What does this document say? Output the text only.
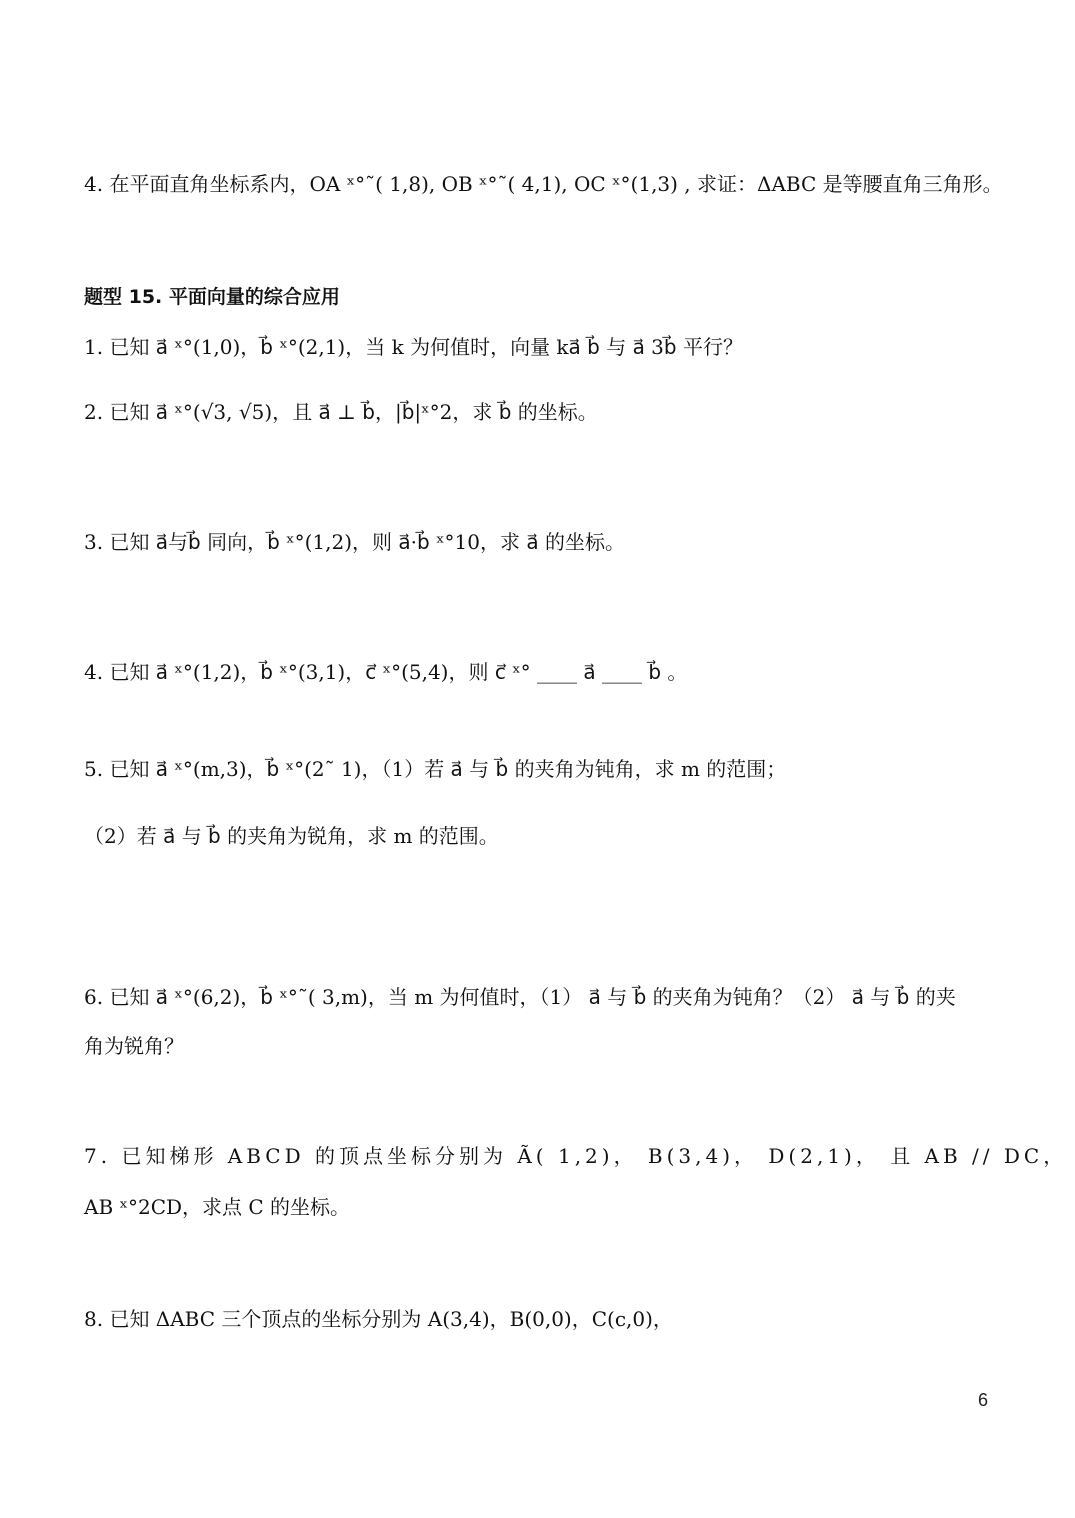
4. 在平面直角坐标系内，OA ˣ°˜( 1,8), OB ˣ°˜( 4,1), OC ˣ°(1,3) , 求证：ΔABC 是等腰直角三角形。
题型 15. 平面向量的综合应用
1. 已知 a⃗ ˣ°(1,0)，b⃗ ˣ°(2,1)，当 k 为何值时，向量 ka⃗ b⃗ 与 a⃗ 3b⃗ 平行？
2. 已知 a⃗ ˣ°(√3, √5)，且 a⃗ ⊥ b⃗，|b⃗|ˣ°2，求 b⃗ 的坐标。
3. 已知 a⃗与b⃗ 同向，b⃗ ˣ°(1,2)，则 a⃗·b⃗ ˣ°10，求 a⃗ 的坐标。
4. 已知 a⃗ ˣ°(1,2)，b⃗ ˣ°(3,1)，c⃗ ˣ°(5,4)，则 c⃗ ˣ° ____ a⃗ ____ b⃗ 。
5. 已知 a⃗ ˣ°(m,3)，b⃗ ˣ°(2˜ 1)，（1）若 a⃗ 与 b⃗ 的夹角为钝角，求 m 的范围；
（2）若 a⃗ 与 b⃗ 的夹角为锐角，求 m 的范围。
6. 已知 a⃗ ˣ°(6,2)，b⃗ ˣ°˜( 3,m)，当 m 为何值时，（1） a⃗ 与 b⃗ 的夹角为钝角？（2） a⃗ 与 b⃗ 的夹
角为锐角？
7. 已知梯形 ABCD 的顶点坐标分别为 Ã( 1,2)， B(3,4)， D(2,1)， 且 AB // DC，
AB ˣ°2CD，求点 C 的坐标。
8. 已知 ΔABC 三个顶点的坐标分别为 A(3,4)，B(0,0)，C(c,0)，
6
